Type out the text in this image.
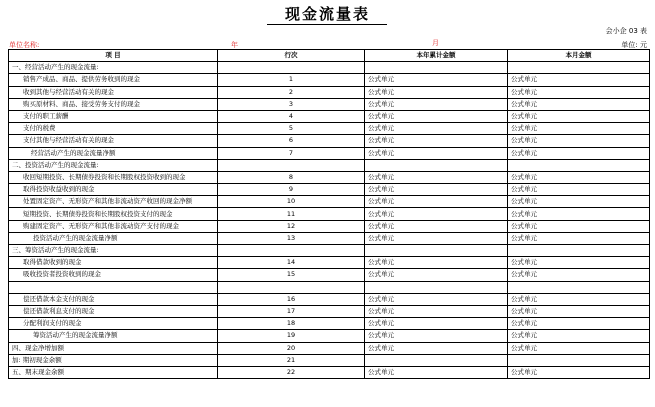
现金流量表
会小企 03 表
单位名称:	年	月	单位: 元
项 目	行次	本年累计金额	本月金额
一、经营活动产生的现金流量:			
销售产成品、商品、提供劳务收到的现金	1	公式单元	公式单元
收到其他与经营活动有关的现金	2	公式单元	公式单元
购买原材料、商品、接受劳务支付的现金	3	公式单元	公式单元
支付的职工薪酬	4	公式单元	公式单元
支付的税费	5	公式单元	公式单元
支付其他与经营活动有关的现金	6	公式单元	公式单元
经营活动产生的现金流量净额	7	公式单元	公式单元
二、投资活动产生的现金流量:			
收回短期投资、长期债券投资和长期股权投资收到的现金	8	公式单元	公式单元
取得投资收益收到的现金	9	公式单元	公式单元
处置固定资产、无形资产和其他非流动资产收回的现金净额	10	公式单元	公式单元
短期投资、长期债券投资和长期股权投资支付的现金	11	公式单元	公式单元
购建固定资产、无形资产和其他非流动资产支付的现金	12	公式单元	公式单元
投资活动产生的现金流量净额	13	公式单元	公式单元
三、筹资活动产生的现金流量:			
取得借款收到的现金	14	公式单元	公式单元
吸收投资者投资收到的现金	15	公式单元	公式单元

偿还借款本金支付的现金	16	公式单元	公式单元
偿还借款利息支付的现金	17	公式单元	公式单元
分配利润支付的现金	18	公式单元	公式单元
筹资活动产生的现金流量净额	19	公式单元	公式单元
四、现金净增加额	20	公式单元	公式单元
加: 期初现金余额	21		
五、期末现金余额	22	公式单元	公式单元
